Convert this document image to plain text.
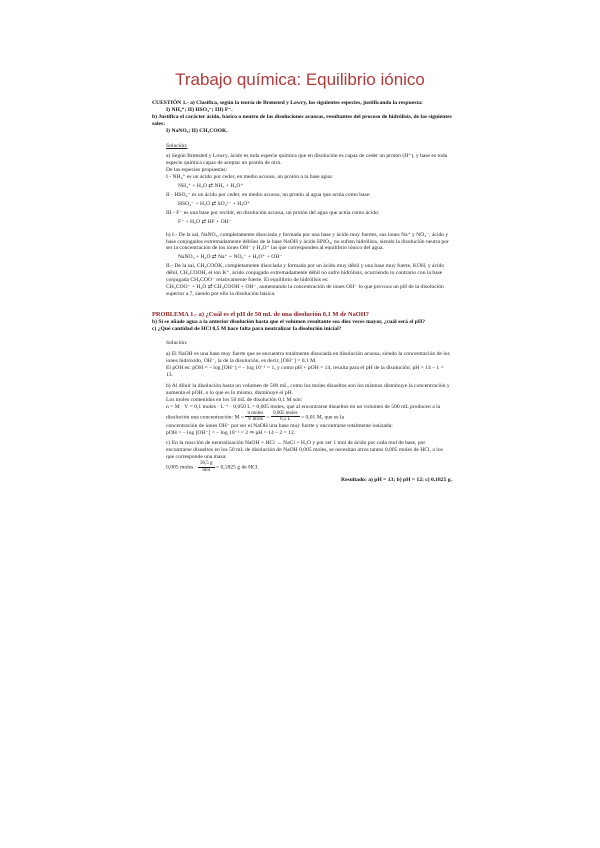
Trabajo química: Equilibrio iónico

CUESTIÓN 1.- a) Clasifica, según la teoría de Brønsted y Lowry, las siguientes especies, justificando la respuesta:

I) NH₄⁺; II) HSO₄⁻; III) F⁻.

b) Justifica el carácter ácido, básico o neutro de las disoluciones acuosas, resultantes del proceso de hidrólisis, de las siguientes sales:

I) NaNO₃; II) CH₃COOK.

Solución:

a) Según Brønsted y Lowry, ácido es toda especie química que en disolución es capaz de ceder un protón (H⁺), y base es toda especie química capaz de aceptar un protón de otra.

De las especies propuestas:

I - NH₄⁺ es un ácido por ceder, en medio acuoso, un protón a la base agua:

NH₄⁺ + H₂O ⇄ NH₃ + H₃O⁺

II - HSO₄⁻ es un ácido por ceder, en medio acuoso, un protón al agua que actúa como base:

HSO₄⁻ + H₂O ⇄ SO₄²⁻ + H₃O⁺

III - F⁻ es una base por recibir, en disolución acuosa, un protón del agua que actúa como ácido:

F⁻ + H₂O ⇄ HF + OH⁻

b) I.- De la sal, NaNO₃, completamente disociada y formada por una base y ácido muy fuertes, sus iones Na⁺ y NO₃⁻, ácido y base conjugados extremadamente débiles de la base NaOH y ácido HNO₃, no sufren hidrólisis, siendo la disolución neutra por ser la concentración de los iones OH⁻ y H₃O⁺ las que corresponden al equilibrio iónico del agua.

NaNO₃ + H₂O ⇄ Na⁺ + NO₃⁻ + H₃O⁺ + OH⁻

II.- De la sal, CH₃COOK, completamente disociada y formada por un ácido muy débil y una base muy fuerte, KOH, y ácido débil, CH₃COOH, el ion K⁺, ácido conjugado extremadamente débil no sufre hidrólisis, ocurriendo lo contrario con la base conjugada CH₃COO⁻ relativamente fuerte. El equilibrio de hidrólisis es:

CH₃COO⁻ + H₂O ⇄ CH₃COOH + OH⁻, aumentando la concentración de iones OH⁻ lo que provoca un pH de la disolución superior a 7, siendo por ello la disolución básica.

PROBLEMA 1.- a) ¿Cuál es el pH de 50 mL de una disolución 0,1 M de NaOH?

b) Si se añade agua a la anterior disolución hasta que el volumen resultante sea diez veces mayor, ¿cuál será el pH?

c) ¿Qué cantidad de HCl 0,5 M hace falta para neutralizar la disolución inicial?

Solución:

a) El NaOH es una base muy fuerte que se encuentra totalmente disociada en disolución acuosa, siendo la concentración de los iones hidróxido, OH⁻, la de la disolución, es decir, [OH⁻] = 0,1 M.

El pOH es: pOH = – log [OH⁻] = – log 10⁻¹ = 1, y como pH + pOH = 14, resulta para el pH de la disolución: pH = 14 – 1 = 13.

b) Al diluir la disolución hasta un volumen de 500 mL, como los moles disueltos son los mismos disminuye la concentración y aumenta el pOH, o lo que es lo mismo, disminuye el pH.

Los moles contenidos en los 50 mL de disolución 0,1 M son:

n = M · V = 0,1 moles · L⁻¹ · 0,050 L = 0,005 moles, que al encontrarse disueltos en un volumen de 500 mL producen a la disolución una concentración: $M = \frac{\text{n moles}}{\text{V litros}} = \frac{\text{0,005 moles}}{0,5 L} = 0,01$ M, que es la

concentración de iones OH⁻ por ser el NaOH una base muy fuerte y encontrarse totalmente ionizada:

pOH = – log [OH⁻] = – log 10⁻² = 2 ⇒ pH = 14 – 2 = 12.

c) En la reacción de neutralización NaOH + HCl → NaCl + H₂O y por ser 1 mol de ácido por cada mol de base, por encontrarse disueltos en los 50 mL de disolución de NaOH 0,005 moles, se necesitan otros tantos 0,005 moles de HCl, a los que corresponde una masa:

0,005 moles · $\frac{36,5 g}{\text{mol}} = 0,1825$ g de HCl.

Resultado: a) pH = 13; b) pH = 12; c) 0,1825 g.
